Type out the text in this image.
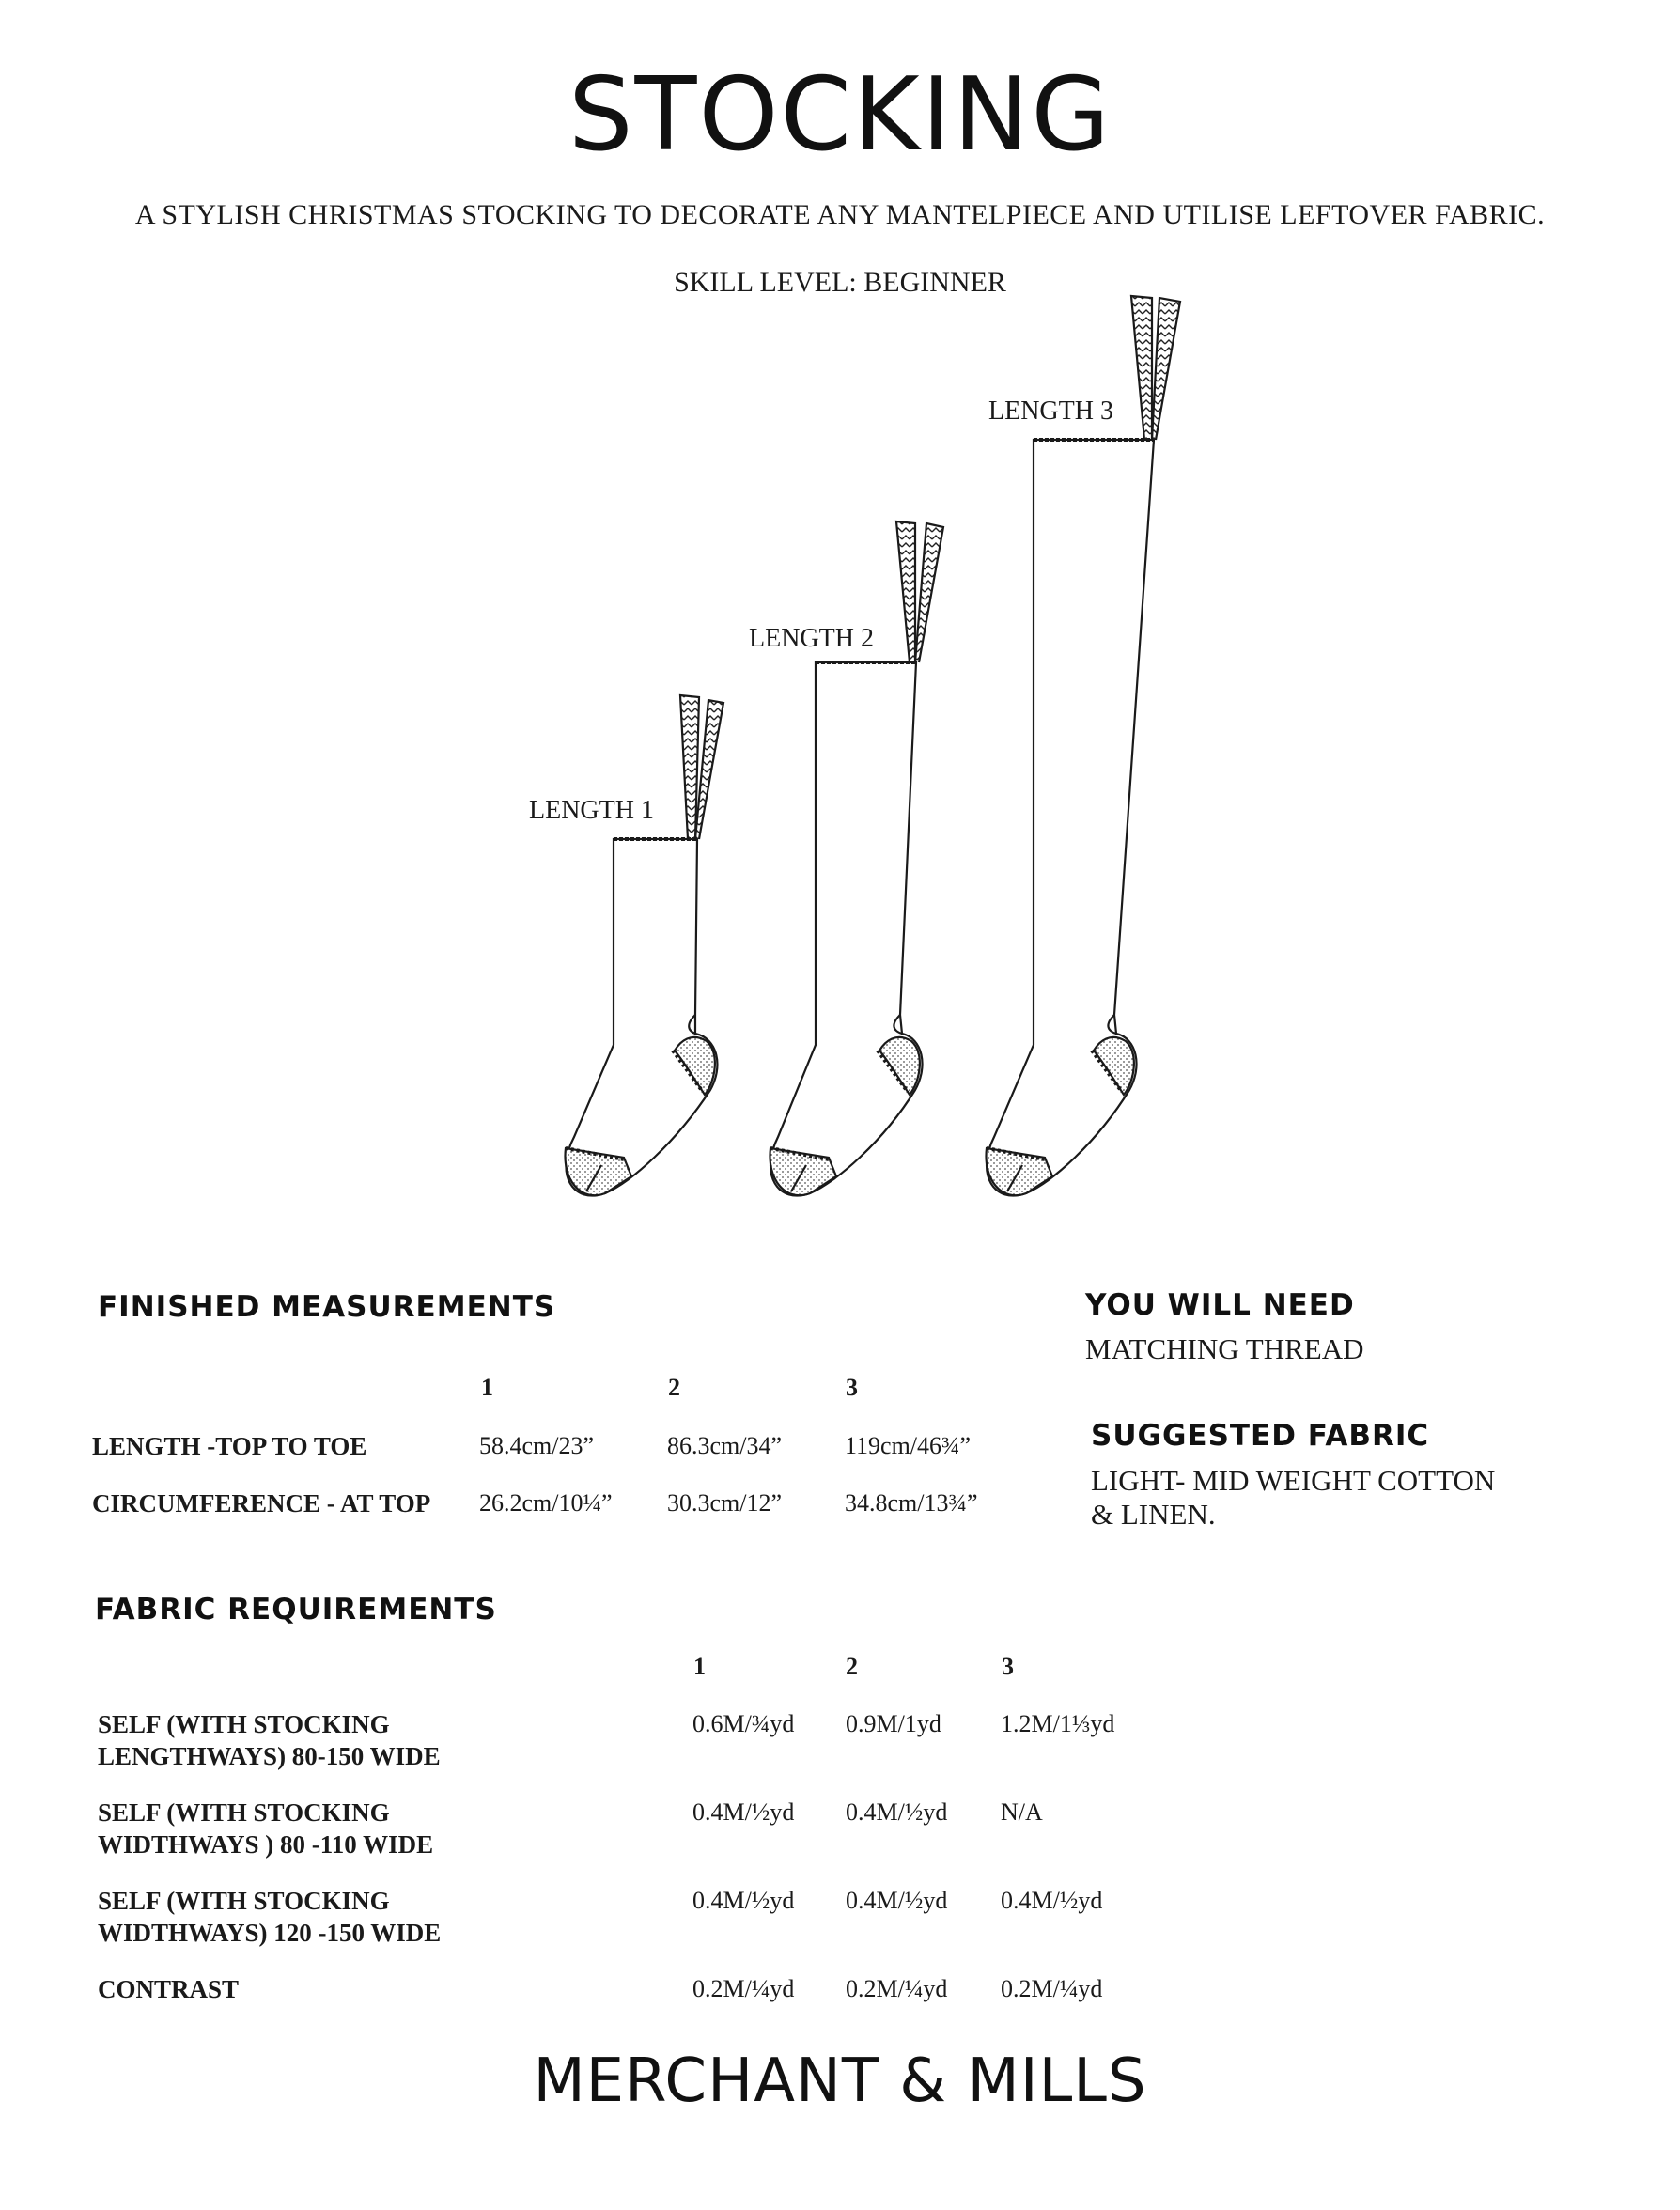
STOCKING
A STYLISH CHRISTMAS STOCKING TO DECORATE ANY MANTELPIECE AND UTILISE LEFTOVER FABRIC.
SKILL LEVEL: BEGINNER
LENGTH 1
LENGTH 2
LENGTH 3
FINISHED MEASUREMENTS
1	2	3
LENGTH -TOP TO TOE	58.4cm/23”	86.3cm/34”	119cm/46¾”
CIRCUMFERENCE - AT TOP 26.2cm/10¼” 30.3cm/12”	34.8cm/13¾”
YOU WILL NEED
MATCHING THREAD
SUGGESTED FABRIC
LIGHT- MID WEIGHT COTTON
& LINEN.
FABRIC REQUIREMENTS
1	2	3
SELF (WITH STOCKING
LENGTHWAYS) 80-150 WIDE
0.6M/¾yd 0.9M/1yd 1.2M/1⅓yd
SELF (WITH STOCKING
WIDTHWAYS ) 80 -110 WIDE
0.4M/½yd 0.4M/½yd N/A
SELF (WITH STOCKING
WIDTHWAYS) 120 -150 WIDE
0.4M/½yd 0.4M/½yd 0.4M/½yd
CONTRAST	0.2M/¼yd 0.2M/¼yd 0.2M/¼yd
MERCHANT & MILLS
